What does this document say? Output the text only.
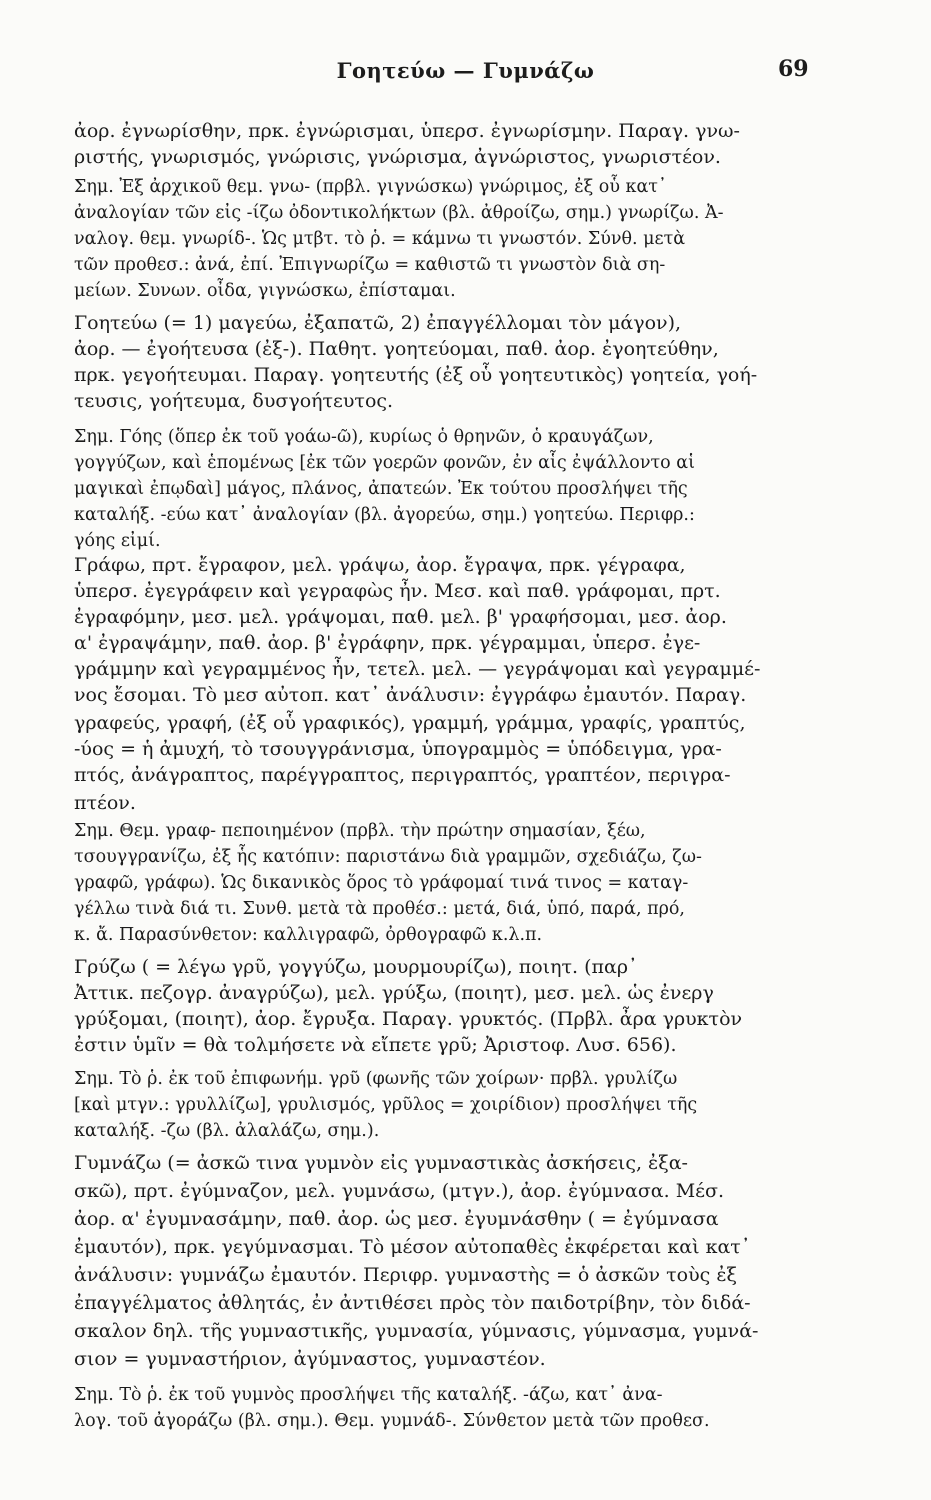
Γοητεύω — Γυμνάζω	69
ἀορ. ἐγνωρίσθην, πρκ. ἐγνώρισμαι, ὑπερσ. ἐγνωρίσμην. Παραγ. γνω-
ριστής, γνωρισμός, γνώρισις, γνώρισμα, ἀγνώριστος, γνωριστέον.
Σημ. Ἐξ ἀρχικοῦ θεμ. γνω- (πρβλ. γιγνώσκω) γνώριμος, ἐξ οὗ κατ᾽
ἀναλογίαν τῶν εἰς -ίζω ὀδοντικολήκτων (βλ. ἀθροίζω, σημ.) γνωρίζω. Ἀ-
ναλογ. θεμ. γνωρίδ-. Ὡς μτβτ. τὸ ῥ. = κάμνω τι γνωστόν. Σύνθ. μετὰ
τῶν προθεσ.: ἀνά, ἐπί. Ἐπιγνωρίζω = καθιστῶ τι γνωστὸν διὰ ση-
μείων. Συνων. οἶδα, γιγνώσκω, ἐπίσταμαι.
Γοητεύω (= 1) μαγεύω, ἐξαπατῶ, 2) ἐπαγγέλλομαι τὸν μάγον),
ἀορ. — ἐγοήτευσα (ἐξ-). Παθητ. γοητεύομαι, παθ. ἀορ. ἐγοητεύθην,
πρκ. γεγοήτευμαι. Παραγ. γοητευτής (ἐξ οὗ γοητευτικὸς) γοητεία, γοή-
τευσις, γοήτευμα, δυσγοήτευτος.
Σημ. Γόης (ὅπερ ἐκ τοῦ γοάω-ῶ), κυρίως ὁ θρηνῶν, ὁ κραυγάζων,
γογγύζων, καὶ ἑπομένως [ἐκ τῶν γοερῶν φονῶν, ἐν αἷς ἐψάλλοντο αἱ
μαγικαὶ ἐπῳδαὶ] μάγος, πλάνος, ἀπατεών. Ἐκ τούτου προσλήψει τῆς
καταλήξ. -εύω κατ᾽ ἀναλογίαν (βλ. ἀγορεύω, σημ.) γοητεύω. Περιφρ.:
γόης εἰμί.
Γράφω, πρτ. ἔγραφον, μελ. γράψω, ἀορ. ἔγραψα, πρκ. γέγραφα,
ὑπερσ. ἐγεγράφειν καὶ γεγραφὼς ἦν. Μεσ. καὶ παθ. γράφομαι, πρτ.
ἐγραφόμην, μεσ. μελ. γράψομαι, παθ. μελ. β' γραφήσομαι, μεσ. ἀορ.
α' ἐγραψάμην, παθ. ἀορ. β' ἐγράφην, πρκ. γέγραμμαι, ὑπερσ. ἐγε-
γράμμην καὶ γεγραμμένος ἦν, τετελ. μελ. — γεγράψομαι καὶ γεγραμμέ-
νος ἔσομαι. Τὸ μεσ αὐτοπ. κατ᾽ ἀνάλυσιν: ἐγγράφω ἐμαυτόν. Παραγ.
γραφεύς, γραφή, (ἐξ οὗ γραφικός), γραμμή, γράμμα, γραφίς, γραπτύς,
-ύος = ἡ ἀμυχή, τὸ τσουγγράνισμα, ὑπογραμμὸς = ὑπόδειγμα, γρα-
πτός, ἀνάγραπτος, παρέγγραπτος, περιγραπτός, γραπτέον, περιγρα-
πτέον.
Σημ. Θεμ. γραφ- πεποιημένον (πρβλ. τὴν πρώτην σημασίαν, ξέω,
τσουγγρανίζω, ἐξ ἧς κατόπιν: παριστάνω διὰ γραμμῶν, σχεδιάζω, ζω-
γραφῶ, γράφω). Ὡς δικανικὸς ὅρος τὸ γράφομαί τινά τινος = καταγ-
γέλλω τινὰ διά τι. Συνθ. μετὰ τὰ προθέσ.: μετά, διά, ὑπό, παρά, πρό,
κ. ἄ. Παρασύνθετον: καλλιγραφῶ, ὀρθογραφῶ κ.λ.π.
Γρύζω ( = λέγω γρῦ, γογγύζω, μουρμουρίζω), ποιητ. (παρ᾽
Ἀττικ. πεζογρ. ἀναγρύζω), μελ. γρύξω, (ποιητ), μεσ. μελ. ὡς ἐνεργ
γρύξομαι, (ποιητ), ἀορ. ἔγρυξα. Παραγ. γρυκτός. (Πρβλ. ἆρα γρυκτὸν
ἐστιν ὑμῖν = θὰ τολμήσετε νὰ εἴπετε γρῦ; Ἀριστοφ. Λυσ. 656).
Σημ. Τὸ ῥ. ἐκ τοῦ ἐπιφωνήμ. γρῦ (φωνῆς τῶν χοίρων· πρβλ. γρυλίζω
[καὶ μτγν.: γρυλλίζω], γρυλισμός, γρῦλος = χοιρίδιον) προσλήψει τῆς
καταλήξ. -ζω (βλ. ἀλαλάζω, σημ.).
Γυμνάζω (= ἀσκῶ τινα γυμνὸν εἰς γυμναστικὰς ἀσκήσεις, ἐξα-
σκῶ), πρτ. ἐγύμναζον, μελ. γυμνάσω, (μτγν.), ἀορ. ἐγύμνασα. Μέσ.
ἀορ. α' ἐγυμνασάμην, παθ. ἀορ. ὡς μεσ. ἐγυμνάσθην ( = ἐγύμνασα
ἐμαυτόν), πρκ. γεγύμνασμαι. Τὸ μέσον αὐτοπαθὲς ἐκφέρεται καὶ κατ᾽
ἀνάλυσιν: γυμνάζω ἐμαυτόν. Περιφρ. γυμναστὴς = ὁ ἀσκῶν τοὺς ἐξ
ἐπαγγέλματος ἀθλητάς, ἐν ἀντιθέσει πρὸς τὸν παιδοτρίβην, τὸν διδά-
σκαλον δηλ. τῆς γυμναστικῆς, γυμνασία, γύμνασις, γύμνασμα, γυμνά-
σιον = γυμναστήριον, ἀγύμναστος, γυμναστέον.
Σημ. Τὸ ῥ. ἐκ τοῦ γυμνὸς προσλήψει τῆς καταλήξ. -άζω, κατ᾽ ἀνα-
λογ. τοῦ ἀγοράζω (βλ. σημ.). Θεμ. γυμνάδ-. Σύνθετον μετὰ τῶν προθεσ.
